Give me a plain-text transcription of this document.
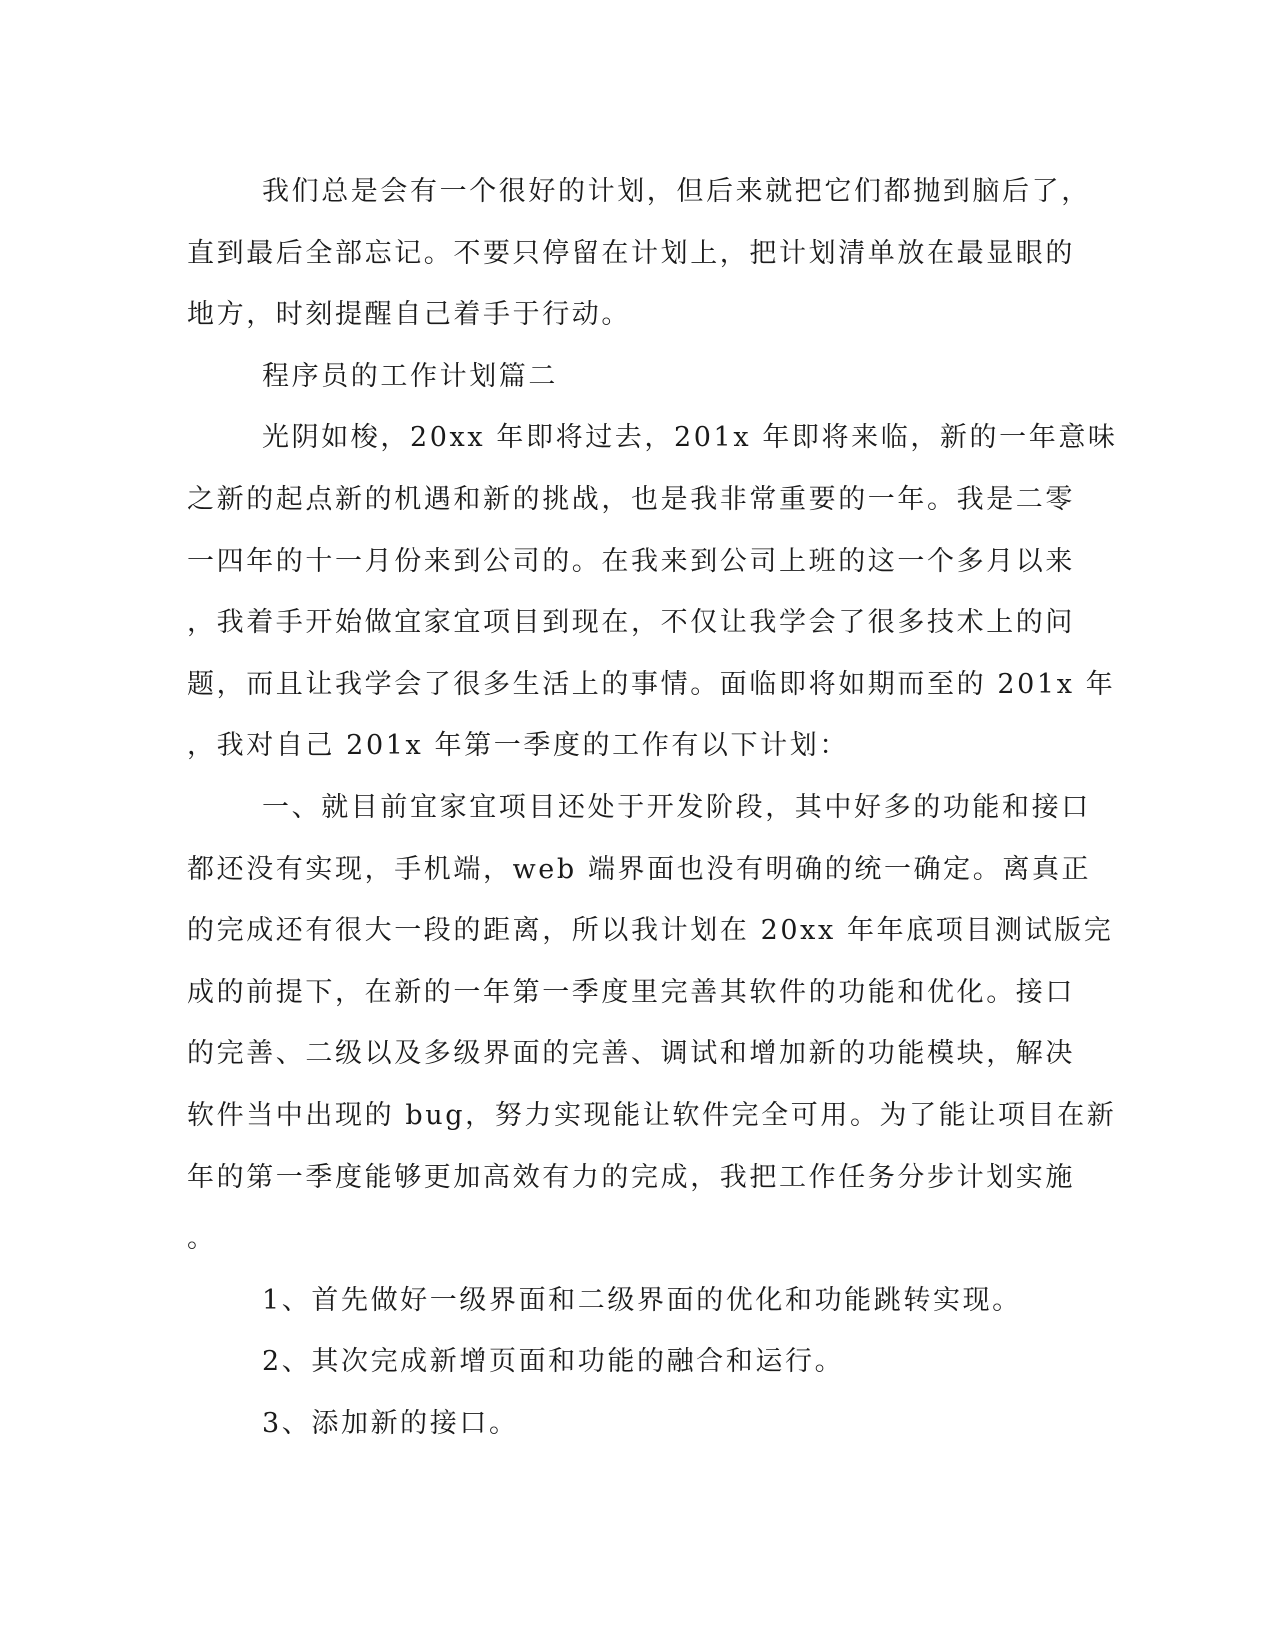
我们总是会有一个很好的计划，但后来就把它们都抛到脑后了，
直到最后全部忘记。不要只停留在计划上，把计划清单放在最显眼的
地方，时刻提醒自己着手于行动。
程序员的工作计划篇二
光阴如梭，20xx 年即将过去，201x 年即将来临，新的一年意味
之新的起点新的机遇和新的挑战，也是我非常重要的一年。我是二零
一四年的十一月份来到公司的。在我来到公司上班的这一个多月以来
，我着手开始做宜家宜项目到现在，不仅让我学会了很多技术上的问
题，而且让我学会了很多生活上的事情。面临即将如期而至的 201x 年
，我对自己 201x 年第一季度的工作有以下计划：
一、就目前宜家宜项目还处于开发阶段，其中好多的功能和接口
都还没有实现，手机端，web 端界面也没有明确的统一确定。离真正
的完成还有很大一段的距离，所以我计划在 20xx 年年底项目测试版完
成的前提下，在新的一年第一季度里完善其软件的功能和优化。接口
的完善、二级以及多级界面的完善、调试和增加新的功能模块，解决
软件当中出现的 bug，努力实现能让软件完全可用。为了能让项目在新
年的第一季度能够更加高效有力的完成，我把工作任务分步计划实施
。
1、首先做好一级界面和二级界面的优化和功能跳转实现。
2、其次完成新增页面和功能的融合和运行。
3、添加新的接口。
